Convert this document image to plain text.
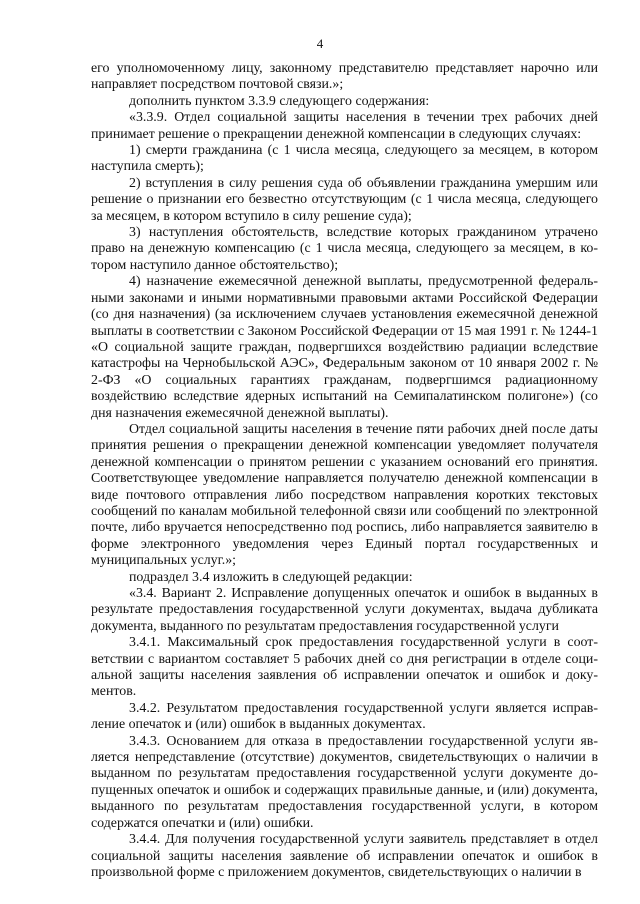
4

его уполномоченному лицу, законному представителю представляет нарочно или направляет посредством почтовой связи.»;

дополнить пунктом 3.3.9 следующего содержания:

«3.3.9. Отдел социальной защиты населения в течении трех рабочих дней принимает решение о прекращении денежной компенсации в следующих случаях:

1) смерти гражданина (с 1 числа месяца, следующего за месяцем, в котором наступила смерть);

2) вступления в силу решения суда об объявлении гражданина умершим или решение о признании его безвестно отсутствующим (с 1 числа месяца, следующего за месяцем, в котором вступило в силу решение суда);

3) наступления обстоятельств, вследствие которых гражданином утрачено право на денежную компенсацию (с 1 числа месяца, следующего за месяцем, в котором наступило данное обстоятельство);

4) назначение ежемесячной денежной выплаты, предусмотренной федеральными законами и иными нормативными правовыми актами Российской Федерации (со дня назначения) (за исключением случаев установления ежемесячной денежной выплаты в соответствии с Законом Российской Федерации от 15 мая 1991 г. № 1244-1 «О социальной защите граждан, подвергшихся воздействию радиации вследствие катастрофы на Чернобыльской АЭС», Федеральным законом от 10 января 2002 г. № 2-ФЗ «О социальных гарантиях гражданам, подвергшимся радиационному воздействию вследствие ядерных испытаний на Семипалатинском полигоне») (со дня назначения ежемесячной денежной выплаты).

Отдел социальной защиты населения в течение пяти рабочих дней после даты принятия решения о прекращении денежной компенсации уведомляет получателя денежной компенсации о принятом решении с указанием оснований его принятия. Соответствующее уведомление направляется получателю денежной компенсации в виде почтового отправления либо посредством направления коротких текстовых сообщений по каналам мобильной телефонной связи или сообщений по электронной почте, либо вручается непосредственно под роспись, либо направляется заявителю в форме электронного уведомления через Единый портал государственных и муниципальных услуг.»;

подраздел 3.4 изложить в следующей редакции:

«3.4. Вариант 2. Исправление допущенных опечаток и ошибок в выданных в результате предоставления государственной услуги документах, выдача дубликата документа, выданного по результатам предоставления государственной услуги

3.4.1. Максимальный срок предоставления государственной услуги в соответствии с вариантом составляет 5 рабочих дней со дня регистрации в отделе социальной защиты населения заявления об исправлении опечаток и ошибок и документов.

3.4.2. Результатом предоставления государственной услуги является исправление опечаток и (или) ошибок в выданных документах.

3.4.3. Основанием для отказа в предоставлении государственной услуги является непредставление (отсутствие) документов, свидетельствующих о наличии в выданном по результатам предоставления государственной услуги документе допущенных опечаток и ошибок и содержащих правильные данные, и (или) документа, выданного по результатам предоставления государственной услуги, в котором содержатся опечатки и (или) ошибки.

3.4.4. Для получения государственной услуги заявитель представляет в отдел социальной защиты населения заявление об исправлении опечаток и ошибок в произвольной форме с приложением документов, свидетельствующих о наличии в
